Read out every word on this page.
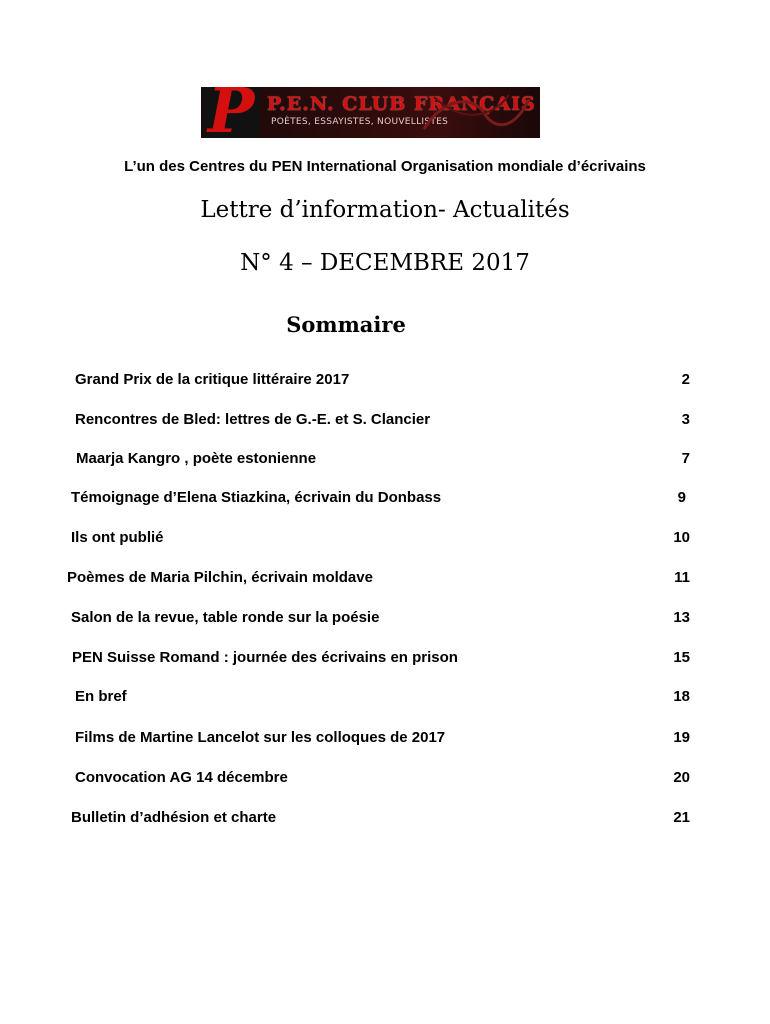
P P.E.N. CLUB FRANÇAIS
POÈTES, ESSAYISTES, NOUVELLISTES
L’un des Centres du PEN International Organisation mondiale d’écrivains
Lettre d’information- Actualités
N° 4 – DECEMBRE 2017
Sommaire
Grand Prix de la critique littéraire 2017	2
Rencontres de Bled: lettres de G.-E. et S. Clancier	3
Maarja Kangro , poète estonienne	7
Témoignage d’Elena Stiazkina, écrivain du Donbass	9
Ils ont publié	10
Poèmes de Maria Pilchin, écrivain moldave	11
Salon de la revue, table ronde sur la poésie	13
PEN Suisse Romand : journée des écrivains en prison	15
En bref	18
Films de Martine Lancelot sur les colloques de 2017	19
Convocation AG 14 décembre	20
Bulletin d’adhésion et charte	21
